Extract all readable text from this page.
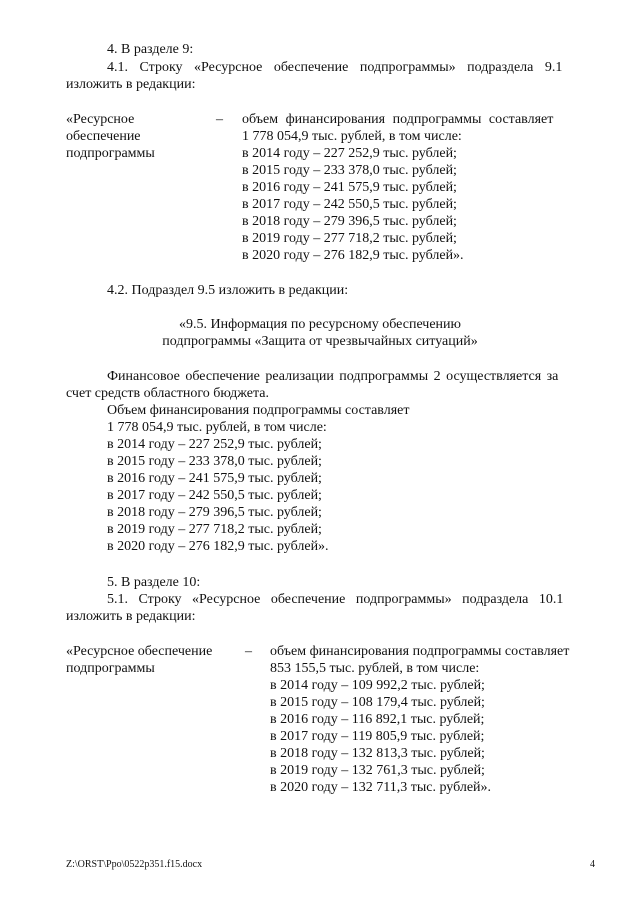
4. В разделе 9:
4.1. Строку «Ресурсное обеспечение подпрограммы» подраздела 9.1
изложить в редакции:
«Ресурсное
обеспечение
подпрограммы
– объем финансирования подпрограммы составляет
1 778 054,9 тыс. рублей, в том числе:
в 2014 году – 227 252,9 тыс. рублей;
в 2015 году – 233 378,0 тыс. рублей;
в 2016 году – 241 575,9 тыс. рублей;
в 2017 году – 242 550,5 тыс. рублей;
в 2018 году – 279 396,5 тыс. рублей;
в 2019 году – 277 718,2 тыс. рублей;
в 2020 году – 276 182,9 тыс. рублей».
4.2. Подраздел 9.5 изложить в редакции:
«9.5. Информация по ресурсному обеспечению
подпрограммы «Защита от чрезвычайных ситуаций»
Финансовое обеспечение реализации подпрограммы 2 осуществляется за
счет средств областного бюджета.
Объем финансирования подпрограммы составляет
1 778 054,9 тыс. рублей, в том числе:
в 2014 году – 227 252,9 тыс. рублей;
в 2015 году – 233 378,0 тыс. рублей;
в 2016 году – 241 575,9 тыс. рублей;
в 2017 году – 242 550,5 тыс. рублей;
в 2018 году – 279 396,5 тыс. рублей;
в 2019 году – 277 718,2 тыс. рублей;
в 2020 году – 276 182,9 тыс. рублей».
5. В разделе 10:
5.1. Строку «Ресурсное обеспечение подпрограммы» подраздела 10.1
изложить в редакции:
«Ресурсное обеспечение
подпрограммы
– объем финансирования подпрограммы составляет
853 155,5 тыс. рублей, в том числе:
в 2014 году – 109 992,2 тыс. рублей;
в 2015 году – 108 179,4 тыс. рублей;
в 2016 году – 116 892,1 тыс. рублей;
в 2017 году – 119 805,9 тыс. рублей;
в 2018 году – 132 813,3 тыс. рублей;
в 2019 году – 132 761,3 тыс. рублей;
в 2020 году – 132 711,3 тыс. рублей».
Z:\ORST\Ppo\0522p351.f15.docx	4
